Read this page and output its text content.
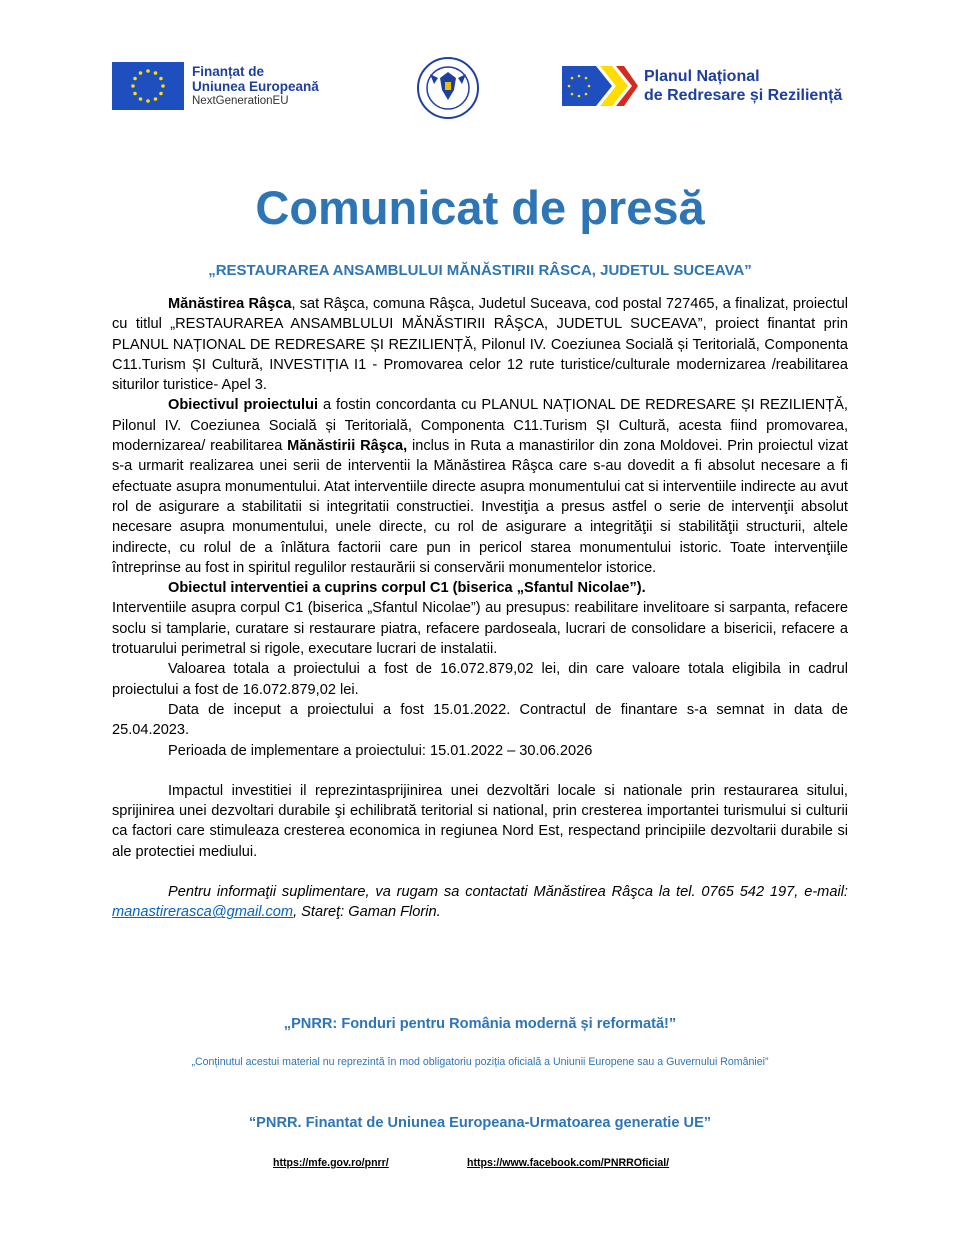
Finanțat de
Uniunea Europeană
NextGenerationEU
Planul Național
de Redresare și Reziliență
Comunicat de presă
„RESTAURAREA ANSAMBLULUI MĂNĂSTIRII RÂSCA, JUDETUL SUCEAVA”

Mănăstirea Râşca, sat Râşca, comuna Râşca, Judetul Suceava, cod postal 727465, a finalizat, proiectul cu titlul „RESTAURAREA ANSAMBLULUI MĂNĂSTIRII RÂŞCA, JUDETUL SUCEAVA”, proiect finantat prin PLANUL NAȚIONAL DE REDRESARE ȘI REZILIENȚĂ, Pilonul IV. Coeziunea Socială și Teritorială, Componenta C11.Turism ȘI Cultură, INVESTIȚIA I1 - Promovarea celor 12 rute turistice/culturale modernizarea /reabilitarea siturilor turistice- Apel 3.

Obiectivul proiectului a fostin concordanta cu PLANUL NAȚIONAL DE REDRESARE ȘI REZILIENȚĂ, Pilonul IV. Coeziunea Socială și Teritorială, Componenta C11.Turism ȘI Cultură, acesta fiind promovarea, modernizarea/ reabilitarea Mănăstirii Râşca, inclus in Ruta a manastirilor din zona Moldovei. Prin proiectul vizat s-a urmarit realizarea unei serii de interventii la Mănăstirea Râşca care s-au dovedit a fi absolut necesare a fi efectuate asupra monumentului. Atat interventiile directe asupra monumentului cat si interventiile indirecte au avut rol de asigurare a stabilitatii si integritatii constructiei. Investiţia a presus astfel o serie de intervenţii absolut necesare asupra monumentului, unele directe, cu rol de asigurare a integrităţii si stabilităţii structurii, altele indirecte, cu rolul de a înlătura factorii care pun in pericol starea monumentului istoric. Toate intervenţiile întreprinse au fost in spiritul regulilor restaurării si conservării monumentelor istorice.

Obiectul interventiei a cuprins corpul C1 (biserica „Sfantul Nicolae”).

Interventiile asupra corpul C1 (biserica „Sfantul Nicolae”) au presupus: reabilitare invelitoare si sarpanta, refacere soclu si tamplarie, curatare si restaurare piatra, refacere pardoseala, lucrari de consolidare a bisericii, refacere a trotuarului perimetral si rigole, executare lucrari de instalatii.

Valoarea totala a proiectului a fost de 16.072.879,02 lei, din care valoare totala eligibila in cadrul proiectului a fost de 16.072.879,02 lei.

Data de inceput a proiectului a fost 15.01.2022. Contractul de finantare s-a semnat in data de 25.04.2023.

Perioada de implementare a proiectului: 15.01.2022 – 30.06.2026

Impactul investitiei il reprezintasprijinirea unei dezvoltări locale si nationale prin restaurarea sitului, sprijinirea unei dezvoltari durabile şi echilibrată teritorial si national, prin cresterea importantei turismului si culturii ca factori care stimuleaza cresterea economica in regiunea Nord Est, respectand principiile dezvoltarii durabile si ale protectiei mediului.

Pentru informaţii suplimentare, va rugam sa contactati Mănăstirea Râşca la tel. 0765 542 197, e-mail: manastirerasca@gmail.com, Stareţ: Gaman Florin.

„PNRR: Fonduri pentru România modernă și reformată!”
„Conținutul acestui material nu reprezintă în mod obligatoriu poziția oficială a Uniunii Europene sau a Guvernului României”
“PNRR. Finantat de Uniunea Europeana-Urmatoarea generatie UE”
https://mfe.gov.ro/pnrr/	https://www.facebook.com/PNRROficial/
